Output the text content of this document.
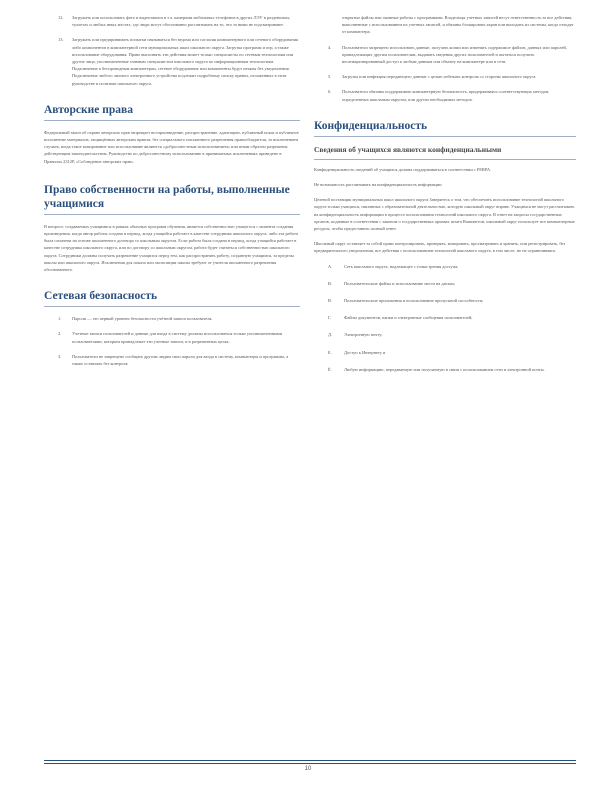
12.	Загружать или использовать фото и видеозаписи в т.ч. камерами мобильных телефонов в других ЛЭУ в раздевалках, туалетах и любых иных местах, где люди могут обоснованно рассчитывать на то, что за ними не подсматривают.
13.	Загружать или предпринимать попытки связываться без ведома или согласия компьютерного или сетевого оборудования либо компонентов в компьютерной сети муниципальных школ школьного округа. Загрузка программ и игр, а также использование оборудования. Право выполнять эти действия может только специалисты по сетевым технологиям или другие лица, уполномоченные главным специалистом школьного округа по информационным технологиям. Подключение к беспроводным компьютерам, сетевое оборудование или компоненты будут изъяты без уведомления. Подключение любого личного электронного устройства подлежит подробному списку правил, изложенных в этом руководстве и политике школьного округа.
Авторские права

Федеральный закон об охране авторских прав запрещает воспроизведение, распространение, адаптацию, публичный показ и публичное исполнение материалов, защищённых авторским правом, без специального письменного разрешения правообладателя, за исключением случаев, когда такое копирование или использование являются «добросовестным использованием» или иным образом разрешены действующим законодательством. Руководство по добросовестному использованию в принимаемых исключениях приведено в Правилах 2312Р, «Соблюдение авторских прав».

Право собственности на работы, выполненные учащимися

В вопросе, создаваемых учащимися в рамках обычных программ обучения, является собственностью учащегося с момента создания произведения, когда автор работы создана в период, когда учащийся работает в качестве сотрудника школьного округа, либо эта работа была оплачена на основе письменного договора со школьным округом. Если работа была создана в период, когда учащийся работает в качестве сотрудника школьного округа, или по договору со школьным округом, работа будет считаться собственностью школьного округа. Сотрудники должны получать разрешение учащихся перед тем, как распространять работу, созданную учащимся, за пределы школы или школьного округа. Исключения для показа или экспозиции школы требуют от учителя письменного разрешения обоснованного.

Сетевая безопасность
1.	Пароли — это первый уровень безопасности учётной записи пользователя.
2.	Учетные записи пользователей и данные для входа в систему должны использоваться только уполномоченными пользователями, которым принадлежат эти учетные записи, и в разрешенных целях.
3.	Пользователи не запрещено сообщать другим людям свои пароли для входа в систему, компьютеры и программы, а также оставлять без контроля
открытые файлы или оконные работы с программами. Владельцы учетных записей несут ответственность за все действия, выполненные с использованием их учетных записей, и обязаны блокировать экран или выходить из системы, когда отходят от компьютера.
4.	Пользователи запрещено использовать данные, получать копии или изменять содержимое файлов, данных или паролей, принадлежащих другим пользователям, выдавать сведения других пользователей и пытаться получить несанкционированный доступ к любым данным или объекту на компьютере или в сети.
5.	Загрузка или инфекция передающего данные с целью избежать контроля со стороны школьного округа.
6.	Пользователи обязаны поддерживать компьютерную безопасность, придерживаясь соответствующих методов, определенных школьным округом, или других необходимых методов.
Конфиденциальность
Сведения об учащихся являются конфиденциальными

Конфиденциальность сведений об учащихся должна поддерживаться в соответствии с FERPA.

Не возможность рассчитывать на конфиденциальность информации

Целевой поставщик муниципальных школ школьного округа Заверитесь о том, что обеспечить использование технологий школьного округа только учащихся, связанных с образовательной деятельностью, которую школьный округ вправе. Учащимся не могут рассчитывать на конфиденциальность информации в процессе использования технологий школьного округа. В ответ на запросы государственных органов, поданные в соответствии с законом о государственных архивах штата Вашингтон, школьный округ использует все компьютерные ресурсы, чтобы предоставить полный ответ.

Школьный округ оставляет за собой право контролировать, проверять, копировать, просматривать и хранить, или регистрировать, без предварительного уведомления, все действия с использованием технологий школьного округа, в том числе, но не ограничиваясь:

A.	Сеть школьного округа, надлежащее с точки зрения доступа;
B.	Пользовательские файлы и использование места на дисках;
B.	Пользовательские приложения и использование пропускной способности;
Г.	Файлы документов, папки и электронные сообщения пользователей;
Д.	Электронную почту;
Е.	Доступ к Интернету и
Ё.	Любую информацию, передаваемую или получаемую в связи с использованием сети и электронной почты.
10
